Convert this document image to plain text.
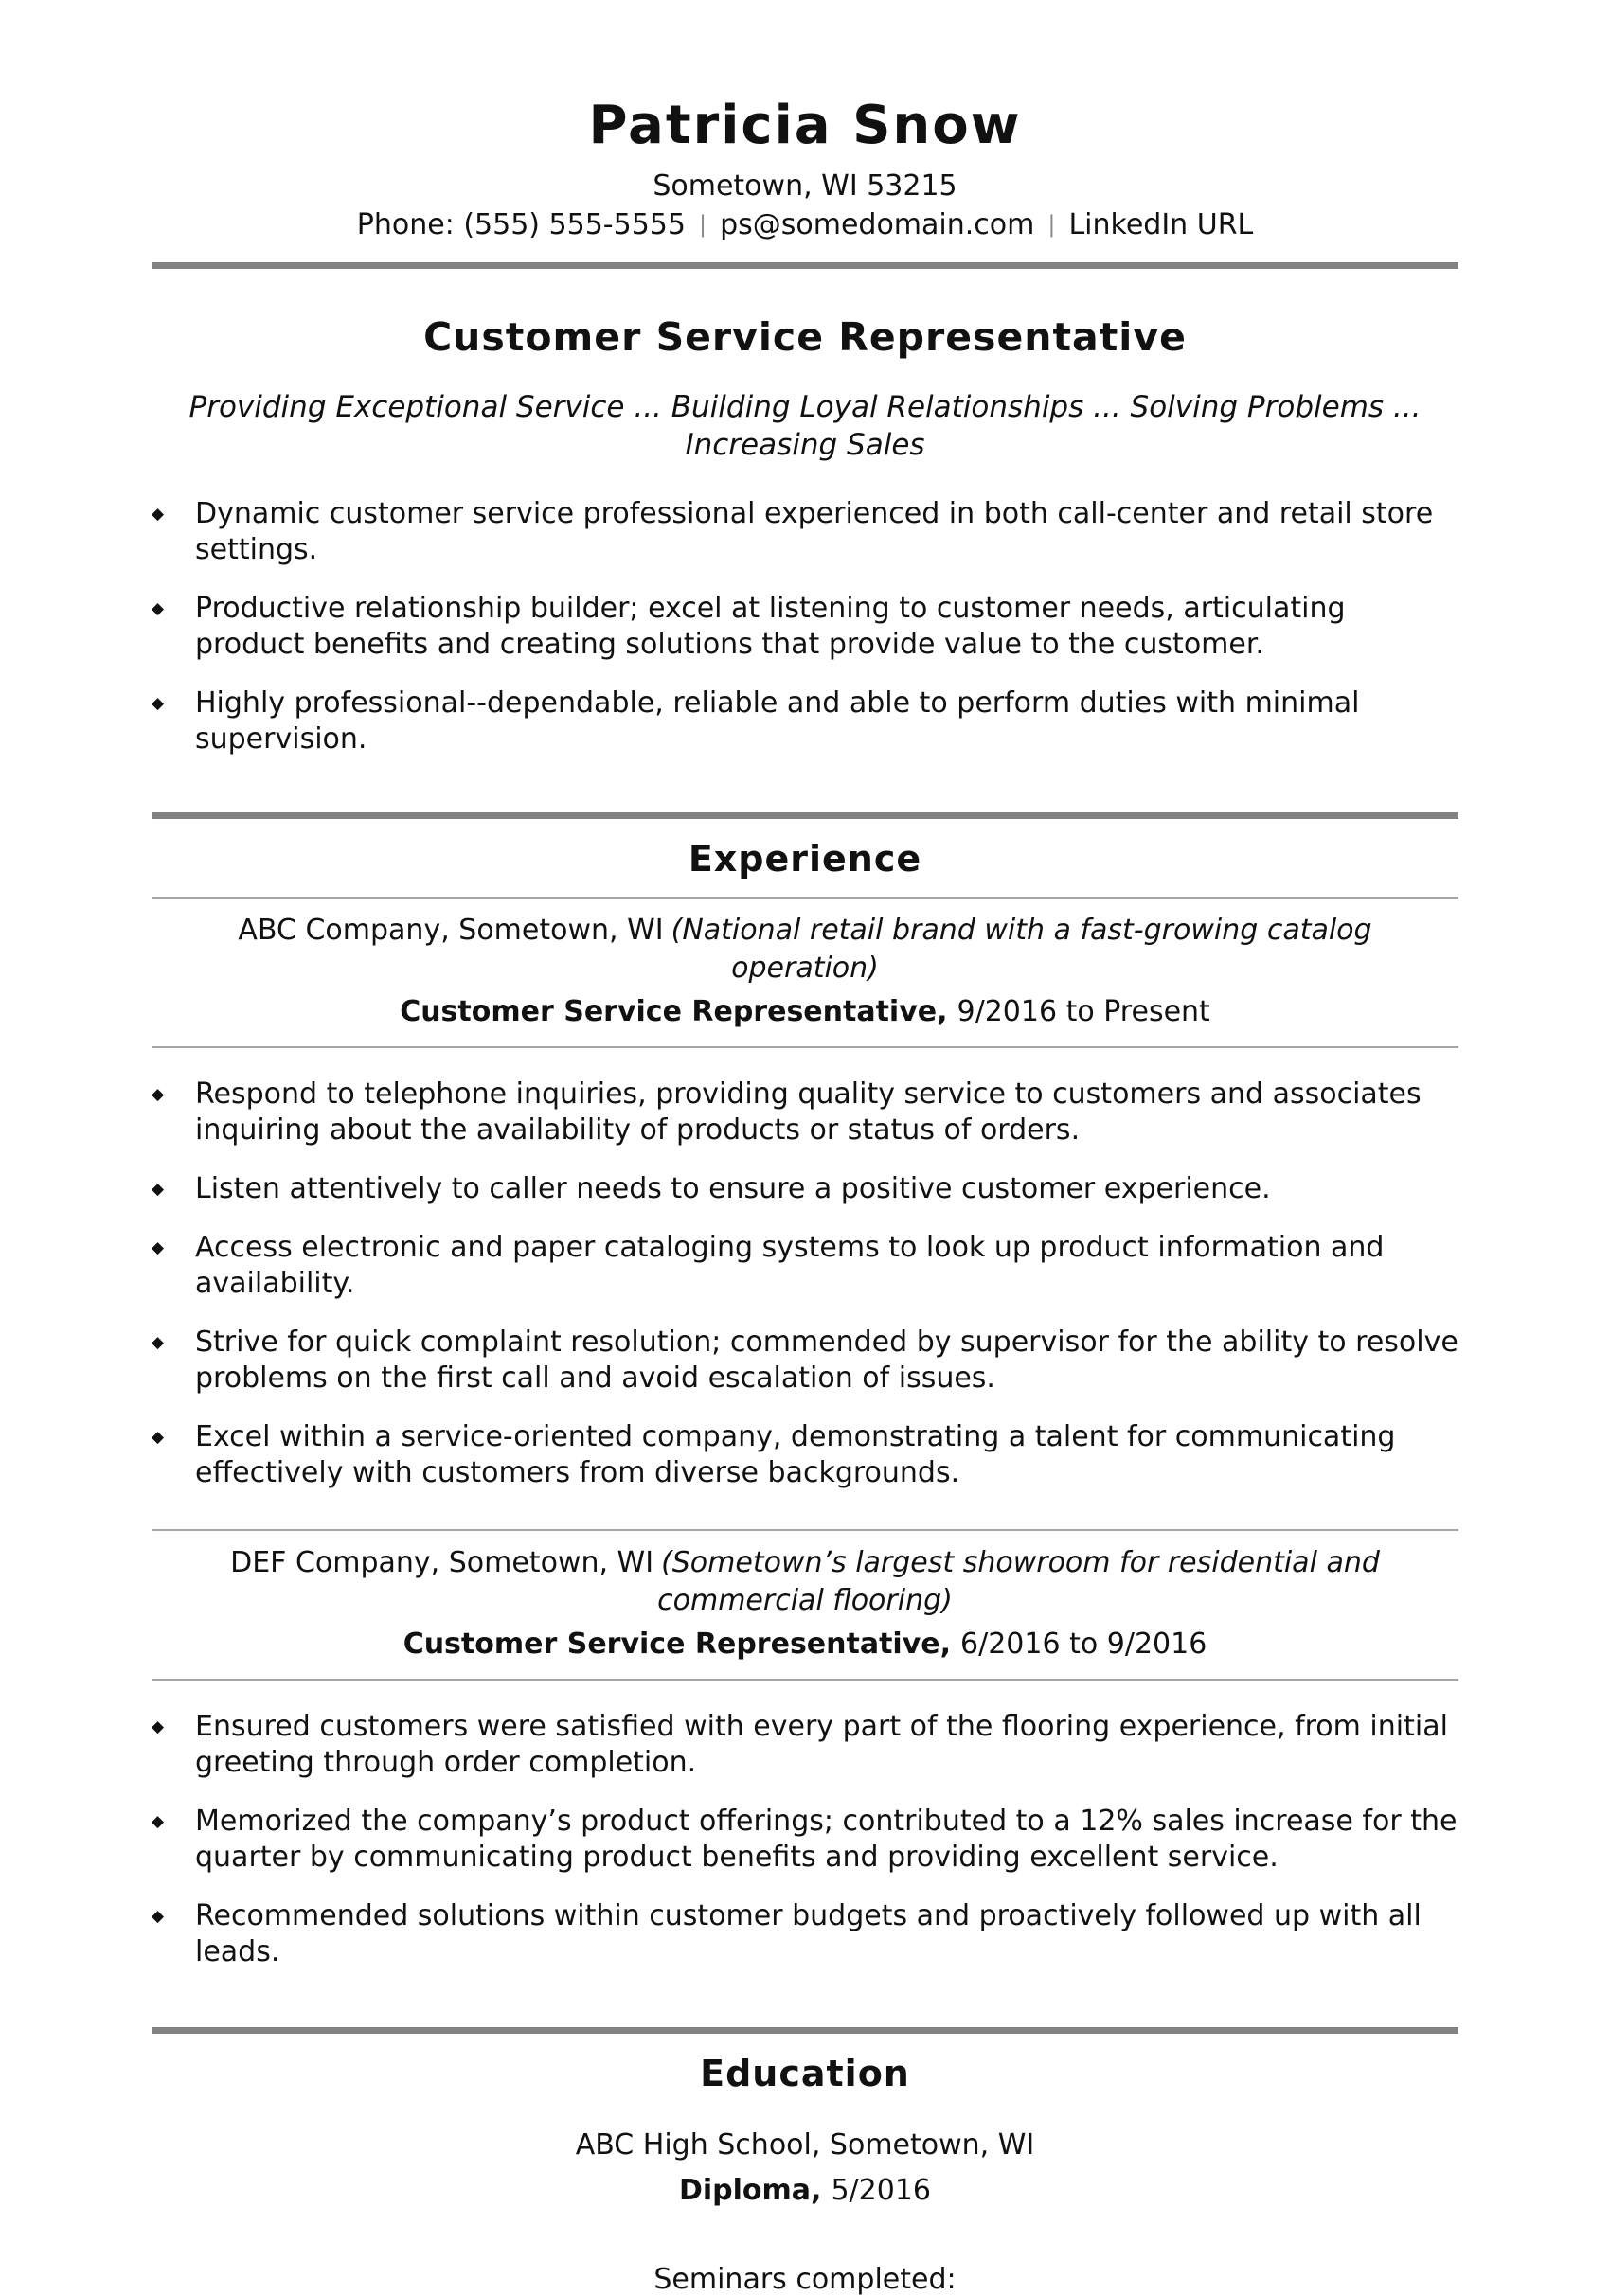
Patricia Snow
Sometown, WI 53215
Phone: (555) 555-5555 | ps@somedomain.com | LinkedIn URL
Customer Service Representative

Providing Exceptional Service ... Building Loyal Relationships ... Solving Problems ... Increasing Sales

◆	Dynamic customer service professional experienced in both call-center and retail store settings.
◆	Productive relationship builder; excel at listening to customer needs, articulating product benefits and creating solutions that provide value to the customer.
◆	Highly professional--dependable, reliable and able to perform duties with minimal supervision.
Experience
ABC Company, Sometown, WI (National retail brand with a fast-growing catalog operation)
Customer Service Representative, 9/2016 to Present
◆	Respond to telephone inquiries, providing quality service to customers and associates inquiring about the availability of products or status of orders.
◆	Listen attentively to caller needs to ensure a positive customer experience.
◆	Access electronic and paper cataloging systems to look up product information and availability.
◆	Strive for quick complaint resolution; commended by supervisor for the ability to resolve problems on the first call and avoid escalation of issues.
◆	Excel within a service-oriented company, demonstrating a talent for communicating effectively with customers from diverse backgrounds.
DEF Company, Sometown, WI (Sometown’s largest showroom for residential and commercial flooring)
Customer Service Representative, 6/2016 to 9/2016
◆	Ensured customers were satisfied with every part of the flooring experience, from initial greeting through order completion.
◆	Memorized the company’s product offerings; contributed to a 12% sales increase for the quarter by communicating product benefits and providing excellent service.
◆	Recommended solutions within customer budgets and proactively followed up with all leads.
Education
ABC High School, Sometown, WI
Diploma, 5/2016
Seminars completed:
